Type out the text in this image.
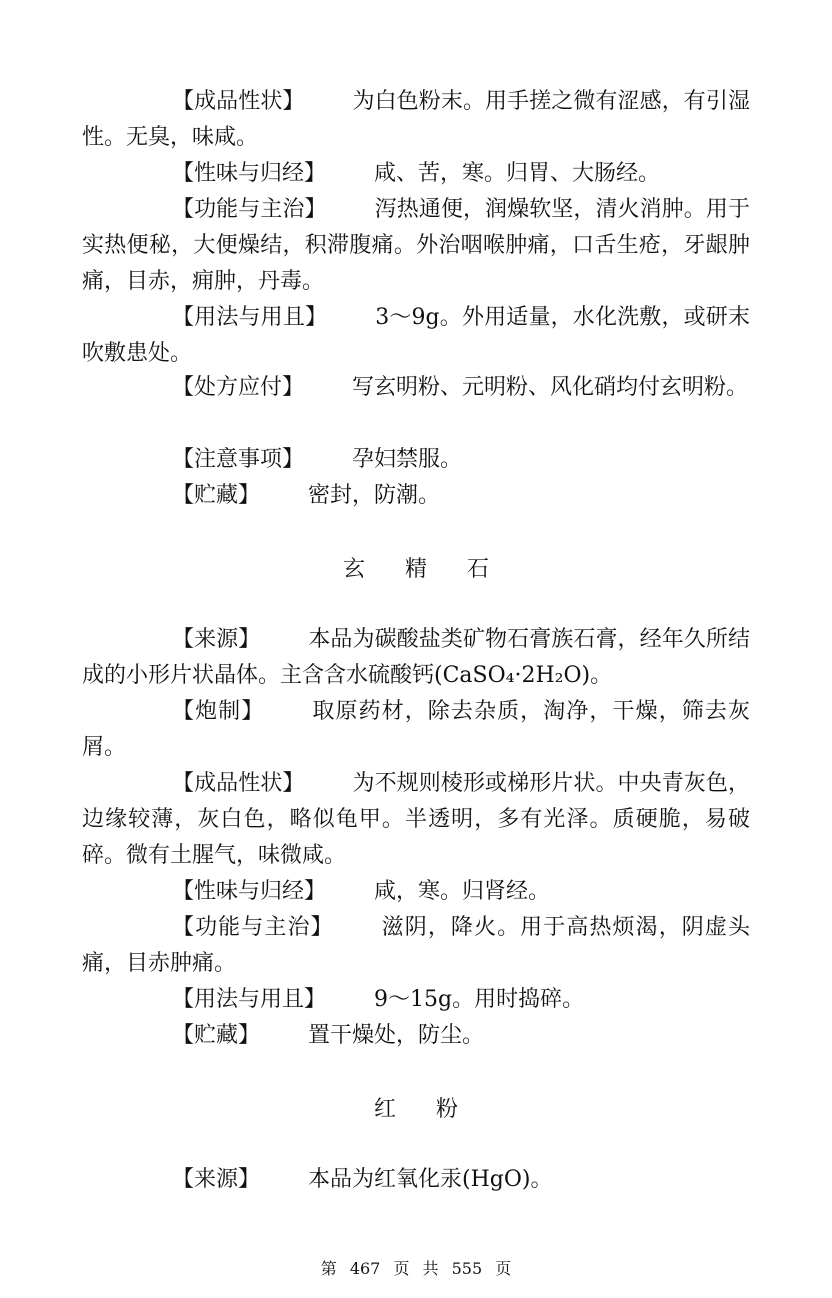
【成品性状】 为白色粉末。用手搓之微有涩感，有引湿性。无臭，味咸。

【性味与归经】 咸、苦，寒。归胃、大肠经。

【功能与主治】 泻热通便，润燥软坚，清火消肿。用于实热便秘，大便燥结，积滞腹痛。外治咽喉肿痛，口舌生疮，牙龈肿痛，目赤，痈肿，丹毒。

【用法与用且】 3～9g。外用适量，水化洗敷，或研末吹敷患处。

【处方应付】 写玄明粉、元明粉、风化硝均付玄明粉。

【注意事项】 孕妇禁服。

【贮藏】 密封，防潮。

玄精石

【来源】 本品为碳酸盐类矿物石膏族石膏，经年久所结成的小形片状晶体。主含含水硫酸钙(CaSO₄·2H₂O)。

【炮制】 取原药材，除去杂质，淘净，干燥，筛去灰屑。

【成品性状】 为不规则棱形或梯形片状。中央青灰色，边缘较薄，灰白色，略似龟甲。半透明，多有光泽。质硬脆，易破碎。微有土腥气，味微咸。

【性味与归经】 咸，寒。归肾经。

【功能与主治】 滋阴，降火。用于高热烦渴，阴虚头痛，目赤肿痛。

【用法与用且】 9～15g。用时捣碎。

【贮藏】 置干燥处，防尘。

红粉

【来源】 本品为红氧化汞(HgO)。

第 467 页 共 555 页
